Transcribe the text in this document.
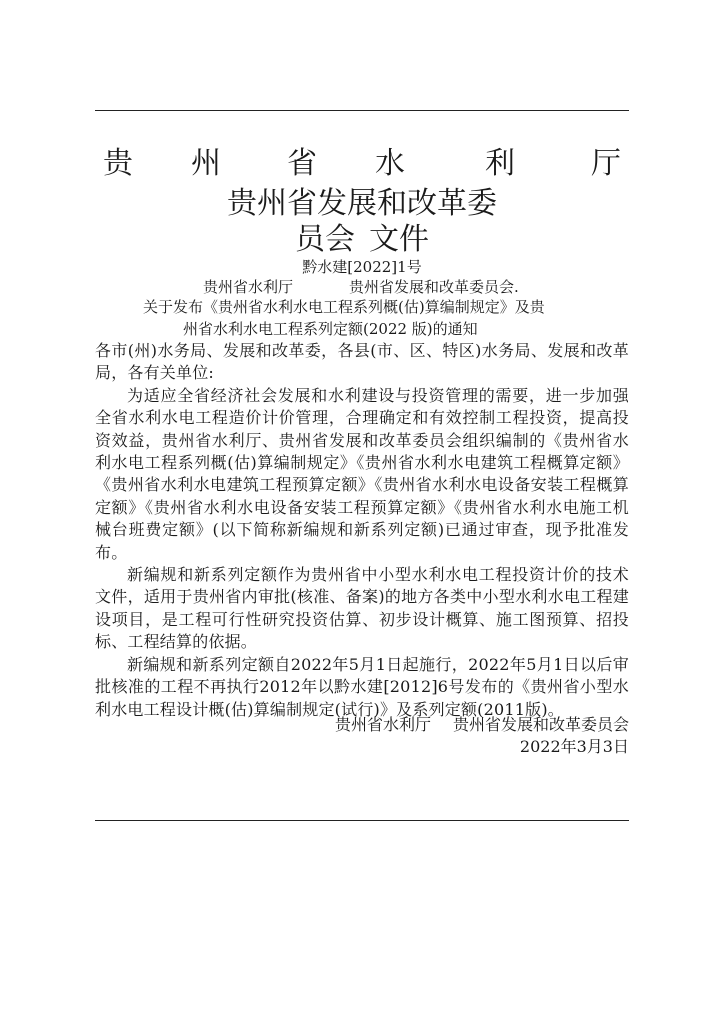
贵 州 省 水	利	厅
贵州省发展和改革委
员会 文件
黔水建[2022]1号
贵州省水利厅	贵州省发展和改革委员会.
关于发布《贵州省水利水电工程系列概(估)算编制规定》及贵
州省水利水电工程系列定额(2022 版)的通知

各市(州)水务局、发展和改革委，各县(市、区、特区)水务局、发展和改革局，各有关单位:

为适应全省经济社会发展和水利建设与投资管理的需要，进一步加强全省水利水电工程造价计价管理，合理确定和有效控制工程投资，提高投资效益，贵州省水利厅、贵州省发展和改革委员会组织编制的《贵州省水利水电工程系列概(估)算编制规定》《贵州省水利水电建筑工程概算定额》《贵州省水利水电建筑工程预算定额》《贵州省水利水电设备安装工程概算定额》《贵州省水利水电设备安装工程预算定额》《贵州省水利水电施工机械台班费定额》(以下简称新编规和新系列定额)已通过审查，现予批准发布。

新编规和新系列定额作为贵州省中小型水利水电工程投资计价的技术文件，适用于贵州省内审批(核准、备案)的地方各类中小型水利水电工程建设项目，是工程可行性研究投资估算、初步设计概算、施工图预算、招投标、工程结算的依据。

新编规和新系列定额自2022年5月1日起施行，2022年5月1日以后审批核准的工程不再执行2012年以黔水建[2012]6号发布的《贵州省小型水利水电工程设计概(估)算编制规定(试行)》及系列定额(2011版)。

贵州省水利厅 贵州省发展和改革委员会
2022年3月3日
